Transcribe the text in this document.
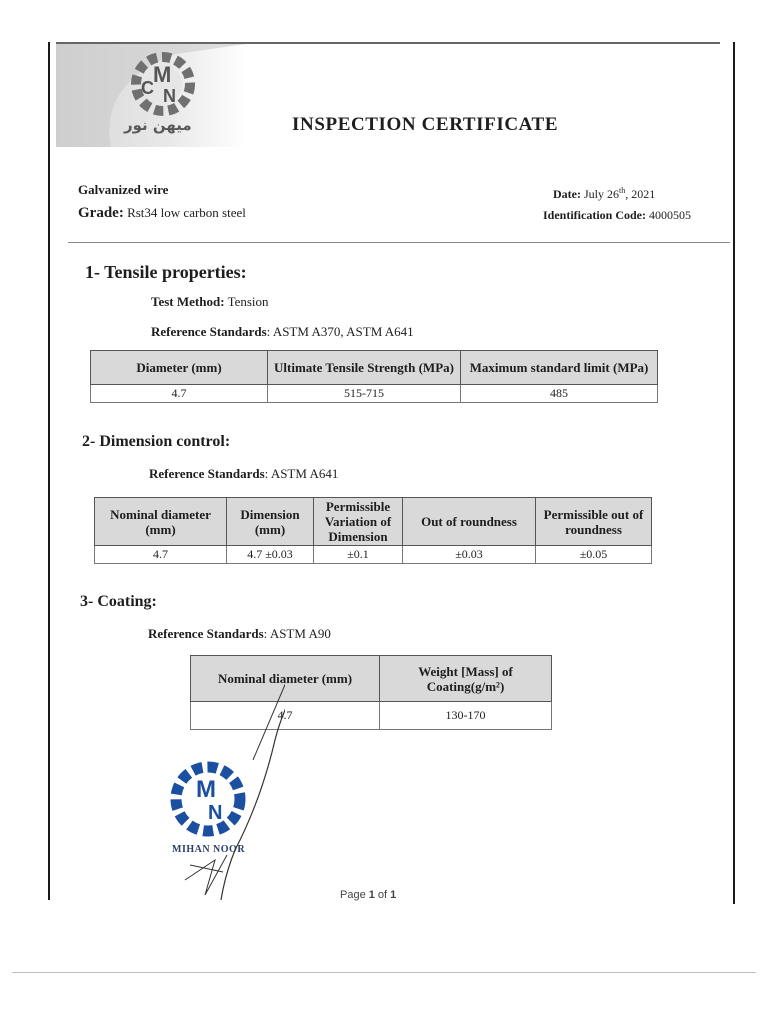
M
N
C
میهن نور	INSPECTION CERTIFICATE
Galvanized wire
Grade: Rst34 low carbon steel
Date: July 26th, 2021
Identification Code: 4000505
1- Tensile properties:
Test Method: Tension
Reference Standards: ASTM A370, ASTM A641
Diameter (mm)	Ultimate Tensile Strength (MPa)	Maximum standard limit (MPa)
4.7	515-715	485
2- Dimension control:
Reference Standards: ASTM A641
Nominal diameter (mm)	Dimension (mm)	Permissible Variation of Dimension	Out of roundness	Permissible out of roundness
4.7	4.7 ±0.03	±0.1	±0.03	±0.05
3- Coating:
Reference Standards: ASTM A90
Nominal diameter (mm)	Weight [Mass] of Coating(g/m²)
4.7	130-170
M
N
MIHAN NOOR
Page 1 of 1
